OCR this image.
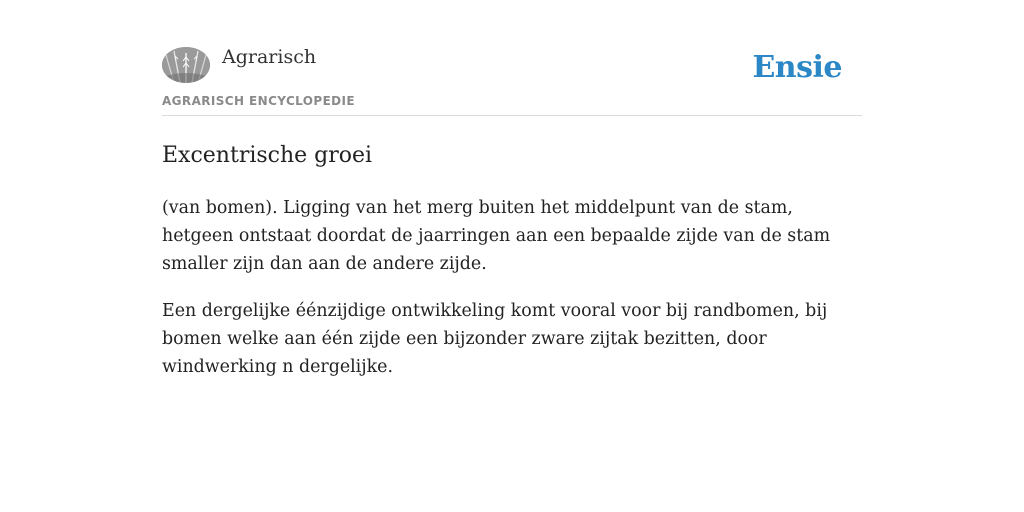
Agrarisch	Ensie
AGRARISCH ENCYCLOPEDIE
Excentrische groei

(van bomen). Ligging van het merg buiten het middelpunt van de stam, hetgeen ontstaat doordat de jaarringen aan een bepaalde zijde van de stam smaller zijn dan aan de andere zijde.

Een dergelijke éénzijdige ontwikkeling komt vooral voor bij randbomen, bij bomen welke aan één zijde een bijzonder zware zijtak bezitten, door windwerking n dergelijke.
